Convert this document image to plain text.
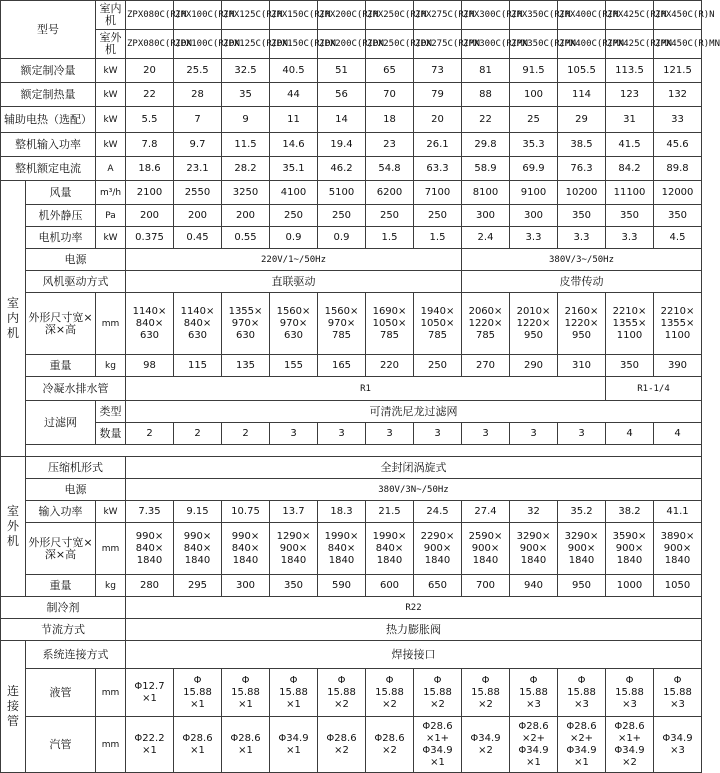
型号		室内机	ZPX080C(R)N	ZPX100C(R)N	ZPX125C(R)N	ZPX150C(R)N	ZPX200C(R)N	ZPX250C(R)N	ZPX275C(R)N	ZPX300C(R)N	ZPX350C(R)N	ZPX400C(R)N	ZPX425C(R)N	ZPX450C(R)N
		室外机	ZPX080C(R)DN	ZPX100C(R)DN	ZPX125C(R)DN	ZPX150C(R)DN	ZPX200C(R)DN	ZPX250C(R)DN	ZPX275C(R)MN	ZPX300C(R)MN	ZPX350C(R)MN	ZPX400C(R)MN	ZPX425C(R)MN	ZPX450C(R)MN
额定制冷量		kW	20	25.5	32.5	40.5	51	65	73	81	91.5	105.5	113.5	121.5
额定制热量		kW	22	28	35	44	56	70	79	88	100	114	123	132
辅助电热（选配）		kW	5.5	7	9	11	14	18	20	22	25	29	31	33
整机输入功率		kW	7.8	9.7	11.5	14.6	19.4	23	26.1	29.8	35.3	38.5	41.5	45.6
整机额定电流		A	18.6	23.1	28.2	35.1	46.2	54.8	63.3	58.9	69.9	76.3	84.2	89.8
室内机	风量	m³/h	2100	2550	3250	4100	5100	6200	7100	8100	9100	10200	11100	12000
	机外静压	Pa	200	200	200	250	250	250	250	300	300	350	350	350
	电机功率	kW	0.375	0.45	0.55	0.9	0.9	1.5	1.5	2.4	3.3	3.3	3.3	4.5
	电源		220V/1~/50Hz							380V/3~/50Hz				
	风机驱动方式		直联驱动							皮带传动				
	外形尺寸宽×深×高	mm	1140×
840×
630	1140×
840×
630	1355×
970×
630	1560×
970×
630	1560×
970×
785	1690×
1050×
785	1940×
1050×
785	2060×
1220×
785	2010×
1220×
950	2160×
1220×
950	2210×
1355×
1100	2210×
1355×
1100
	重量	kg	98	115	135	155	165	220	250	270	290	310	350	390
	冷凝水排水管		R1										R1-1/4	
	过滤网	类型	可清洗尼龙过滤网											
		数量	2	2	2	3	3	3	3	3	3	3	4	4

室外机	压缩机形式		全封闭涡旋式											
	电源		380V/3N~/50Hz											
	输入功率	kW	7.35	9.15	10.75	13.7	18.3	21.5	24.5	27.4	32	35.2	38.2	41.1
	外形尺寸宽×深×高	mm	990×
840×
1840	990×
840×
1840	990×
840×
1840	1290×
900×
1840	1990×
840×
1840	1990×
840×
1840	2290×
900×
1840	2590×
900×
1840	3290×
900×
1840	3290×
900×
1840	3590×
900×
1840	3890×
900×
1840
	重量	kg	280	295	300	350	590	600	650	700	940	950	1000	1050
制冷剂			R22											
节流方式			热力膨胀阀											
连接管	系统连接方式		焊接接口											
	液管	mm	Φ12.7
×1	Φ
15.88
×1	Φ
15.88
×1	Φ
15.88
×1	Φ
15.88
×2	Φ
15.88
×2	Φ
15.88
×2	Φ
15.88
×2	Φ
15.88
×3	Φ
15.88
×3	Φ
15.88
×3	Φ
15.88
×3
	汽管	mm	Φ22.2
×1	Φ28.6
×1	Φ28.6
×1	Φ34.9
×1	Φ28.6
×2	Φ28.6
×2	Φ28.6
×1+
Φ34.9
×1	Φ34.9
×2	Φ28.6
×2+
Φ34.9
×1	Φ28.6
×2+
Φ34.9
×1	Φ28.6
×1+
Φ34.9
×2	Φ34.9
×3
